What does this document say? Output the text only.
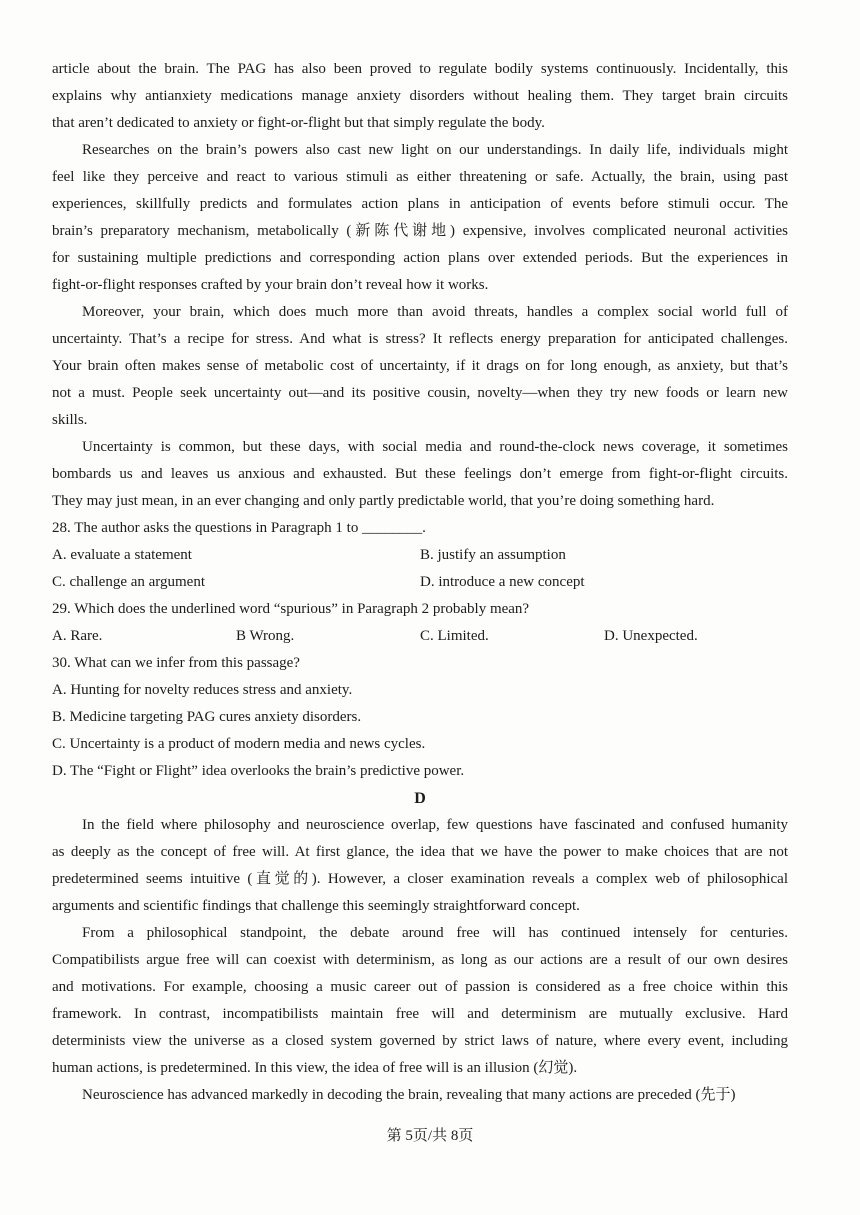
article about the brain. The PAG has also been proved to regulate bodily systems continuously. Incidentally, this
explains why antianxiety medications manage anxiety disorders without healing them. They target brain circuits
that aren’t dedicated to anxiety or fight-or-flight but that simply regulate the body.
Researches on the brain’s powers also cast new light on our understandings. In daily life, individuals might
feel like they perceive and react to various stimuli as either threatening or safe. Actually, the brain, using past
experiences, skillfully predicts and formulates action plans in anticipation of events before stimuli occur. The
brain’s preparatory mechanism, metabolically (新陈代谢地) expensive, involves complicated neuronal activities
for sustaining multiple predictions and corresponding action plans over extended periods. But the experiences in
fight-or-flight responses crafted by your brain don’t reveal how it works.
Moreover, your brain, which does much more than avoid threats, handles a complex social world full of
uncertainty. That’s a recipe for stress. And what is stress? It reflects energy preparation for anticipated challenges.
Your brain often makes sense of metabolic cost of uncertainty, if it drags on for long enough, as anxiety, but that’s
not a must. People seek uncertainty out—and its positive cousin, novelty—when they try new foods or learn new
skills.
Uncertainty is common, but these days, with social media and round-the-clock news coverage, it sometimes
bombards us and leaves us anxious and exhausted. But these feelings don’t emerge from fight-or-flight circuits.
They may just mean, in an ever changing and only partly predictable world, that you’re doing something hard.
28. The author asks the questions in Paragraph 1 to ________.
A. evaluate a statement	B. justify an assumption
C. challenge an argument	D. introduce a new concept
29. Which does the underlined word “spurious” in Paragraph 2 probably mean?
A. Rare.	B Wrong.	C. Limited.	D. Unexpected.
30. What can we infer from this passage?
A. Hunting for novelty reduces stress and anxiety.
B. Medicine targeting PAG cures anxiety disorders.
C. Uncertainty is a product of modern media and news cycles.
D. The “Fight or Flight” idea overlooks the brain’s predictive power.
D
In the field where philosophy and neuroscience overlap, few questions have fascinated and confused humanity
as deeply as the concept of free will. At first glance, the idea that we have the power to make choices that are not
predetermined seems intuitive (直觉的). However, a closer examination reveals a complex web of philosophical
arguments and scientific findings that challenge this seemingly straightforward concept.
From a philosophical standpoint, the debate around free will has continued intensely for centuries.
Compatibilists argue free will can coexist with determinism, as long as our actions are a result of our own desires
and motivations. For example, choosing a music career out of passion is considered as a free choice within this
framework. In contrast, incompatibilists maintain free will and determinism are mutually exclusive. Hard
determinists view the universe as a closed system governed by strict laws of nature, where every event, including
human actions, is predetermined. In this view, the idea of free will is an illusion (幻觉).
Neuroscience has advanced markedly in decoding the brain, revealing that many actions are preceded (先于)
第 5页/共 8页
